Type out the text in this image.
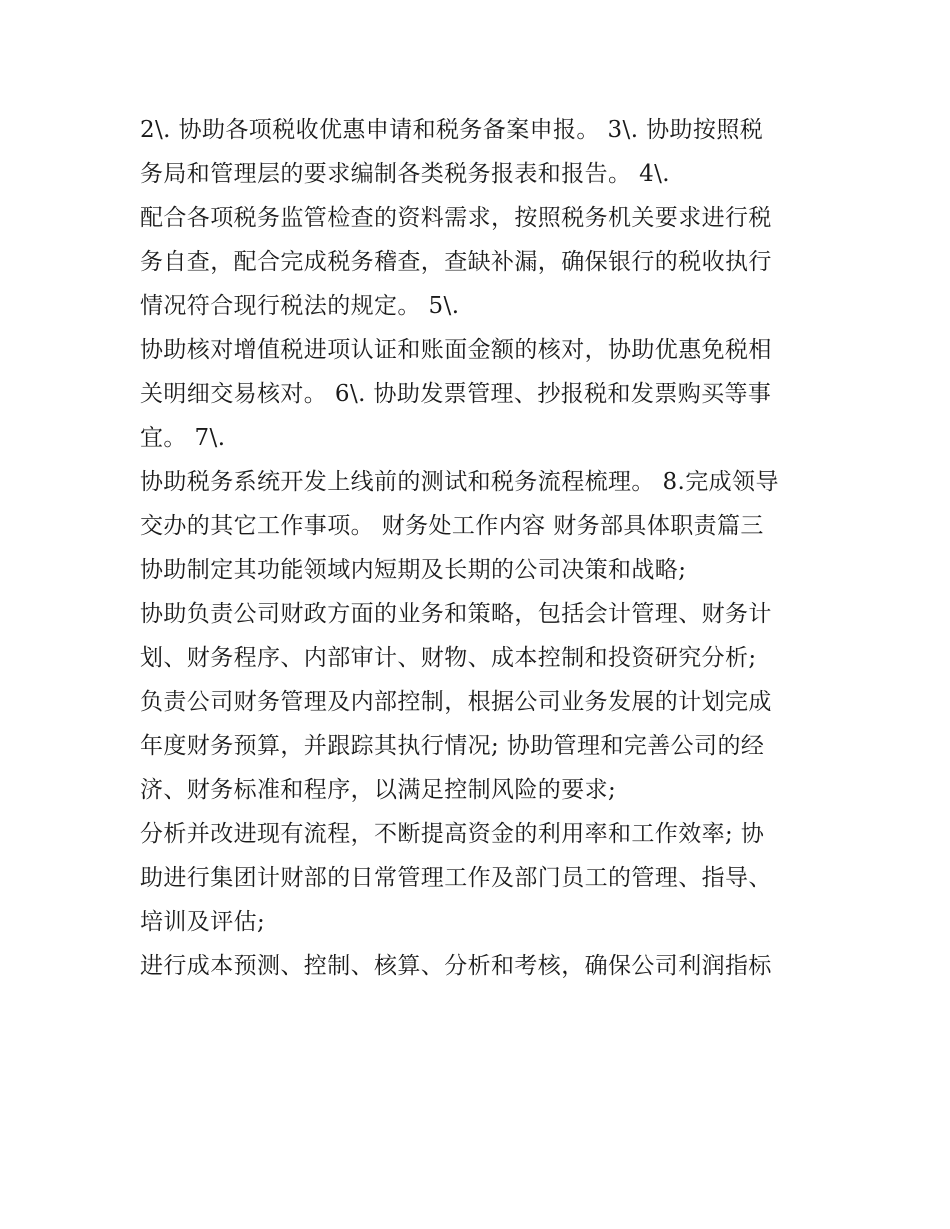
2\. 协助各项税收优惠申请和税务备案申报。 3\. 协助按照税
务局和管理层的要求编制各类税务报表和报告。 4\.
配合各项税务监管检查的资料需求，按照税务机关要求进行税
务自查，配合完成税务稽查，查缺补漏，确保银行的税收执行
情况符合现行税法的规定。 5\.
协助核对增值税进项认证和账面金额的核对，协助优惠免税相
关明细交易核对。 6\. 协助发票管理、抄报税和发票购买等事
宜。 7\.
协助税务系统开发上线前的测试和税务流程梳理。 8.完成领导
交办的其它工作事项。 财务处工作内容 财务部具体职责篇三
协助制定其功能领域内短期及长期的公司决策和战略;
协助负责公司财政方面的业务和策略，包括会计管理、财务计
划、财务程序、内部审计、财物、成本控制和投资研究分析;
负责公司财务管理及内部控制，根据公司业务发展的计划完成
年度财务预算，并跟踪其执行情况; 协助管理和完善公司的经
济、财务标准和程序，以满足控制风险的要求;
分析并改进现有流程，不断提高资金的利用率和工作效率; 协
助进行集团计财部的日常管理工作及部门员工的管理、指导、
培训及评估;
进行成本预测、控制、核算、分析和考核，确保公司利润指标
